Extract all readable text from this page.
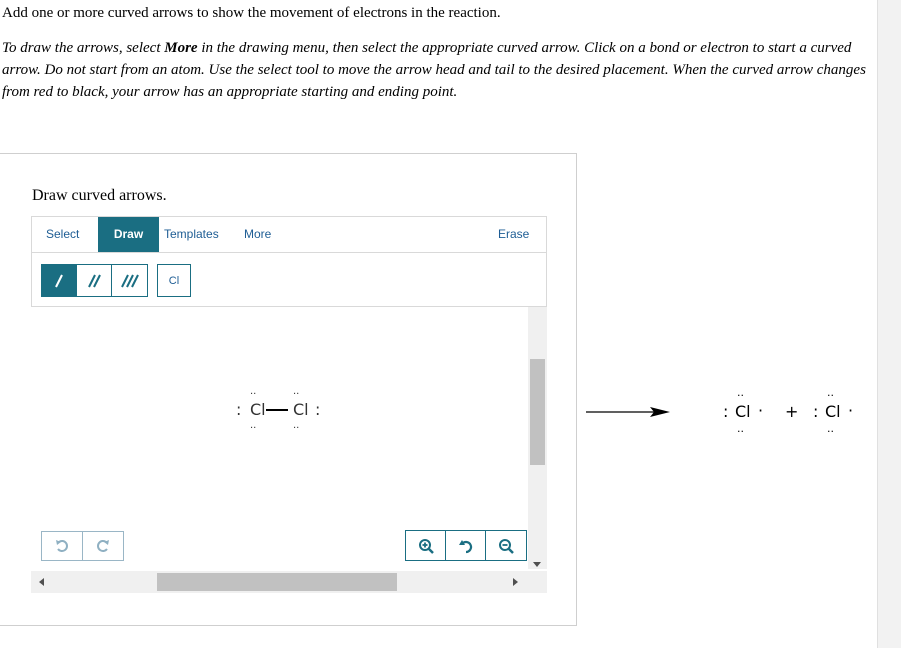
Add one or more curved arrows to show the movement of electrons in the reaction.
To draw the arrows, select More in the drawing menu, then select the appropriate curved arrow. Click on a bond or electron to start a curved arrow. Do not start from an atom. Use the select tool to move the arrow head and tail to the desired placement. When the curved arrow changes from red to black, your arrow has an appropriate starting and ending point.
Draw curved arrows.
Select	Draw	Templates More	Erase
Cl
: Cl
··
··
Cl
··
··
:	: Cl
··
··
· + : Cl
··
··
·
